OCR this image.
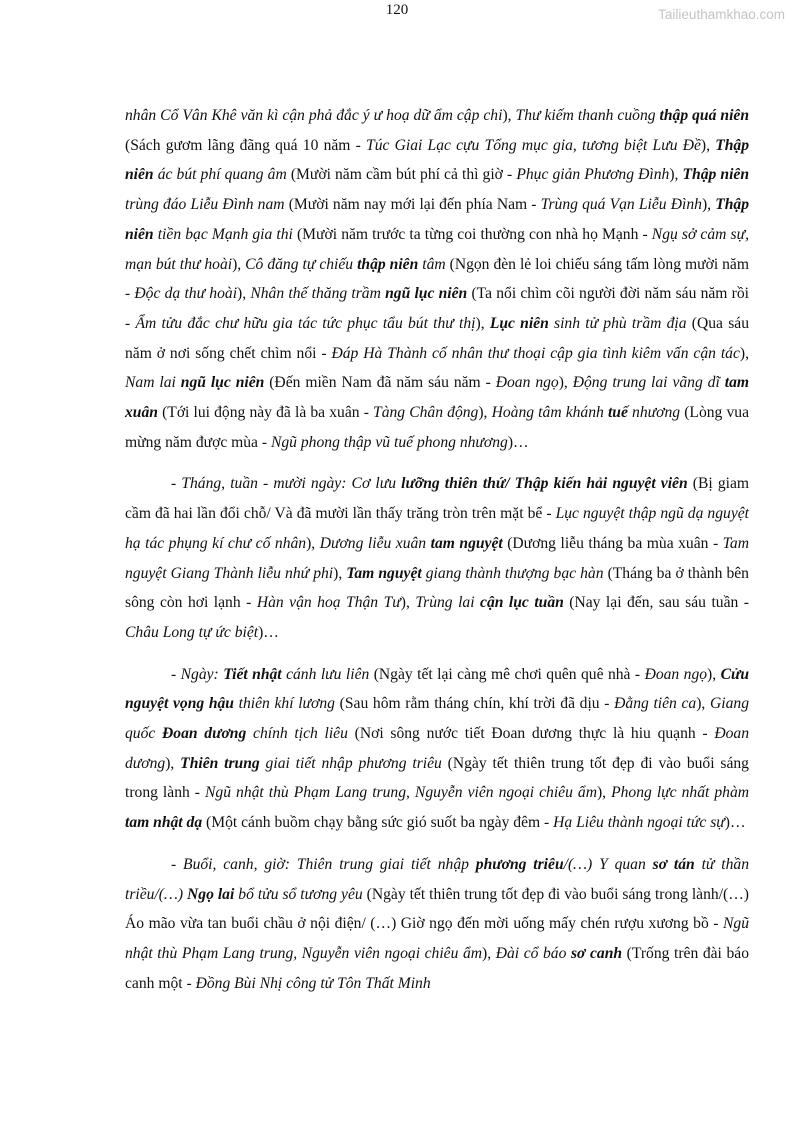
120	Tailieuthamkhao.com

nhân Cổ Vân Khê văn kì cận phả đắc ý ư hoạ dữ ẩm cập chi), Thư kiếm thanh cuồng thập quá niên (Sách gươm lãng đãng quá 10 năm - Túc Giai Lạc cựu Tổng mục gia, tương biệt Lưu Đề), Thập niên ác bút phí quang âm (Mười năm cầm bút phí cả thì giờ - Phục giản Phương Đình), Thập niên trùng đáo Liễu Đình nam (Mười năm nay mới lại đến phía Nam - Trùng quá Vạn Liễu Đình), Thập niên tiền bạc Mạnh gia thi (Mười năm trước ta từng coi thường con nhà họ Mạnh - Ngụ sở cảm sự, mạn bút thư hoài), Cô đăng tự chiếu thập niên tâm (Ngọn đèn lẻ loi chiếu sáng tấm lòng mười năm - Độc dạ thư hoài), Nhân thế thăng trầm ngũ lục niên (Ta nổi chìm cõi người đời năm sáu năm rồi - Ẩm tửu đắc chư hữu gia tác tức phục tẩu bút thư thị), Lục niên sinh tử phù trầm địa (Qua sáu năm ở nơi sống chết chìm nổi - Đáp Hà Thành cố nhân thư thoại cập gia tình kiêm vấn cận tác), Nam lai ngũ lục niên (Đến miền Nam đã năm sáu năm - Đoan ngọ), Động trung lai vãng dĩ tam xuân (Tới lui động này đã là ba xuân - Tàng Chân động), Hoàng tâm khánh tuế nhương (Lòng vua mừng năm được mùa - Ngũ phong thập vũ tuế phong nhương)…

- Tháng, tuần - mười ngày: Cơ lưu lưỡng thiên thứ/ Thập kiến hải nguyệt viên (Bị giam cầm đã hai lần đổi chỗ/ Và đã mười lần thấy trăng tròn trên mặt bể - Lục nguyệt thập ngũ dạ nguyệt hạ tác phụng kí chư cố nhân), Dương liễu xuân tam nguyệt (Dương liễu tháng ba mùa xuân - Tam nguyệt Giang Thành liễu nhứ phi), Tam nguyệt giang thành thượng bạc hàn (Tháng ba ở thành bên sông còn hơi lạnh - Hàn vận hoạ Thận Tư), Trùng lai cận lục tuần (Nay lại đến, sau sáu tuần - Châu Long tự ức biệt)…

- Ngày: Tiết nhật cánh lưu liên (Ngày tết lại càng mê chơi quên quê nhà - Đoan ngọ), Cửu nguyệt vọng hậu thiên khí lương (Sau hôm rằm tháng chín, khí trời đã dịu - Đằng tiên ca), Giang quốc Đoan dương chính tịch liêu (Nơi sông nước tiết Đoan dương thực là hiu quạnh - Đoan dương), Thiên trung giai tiết nhập phương triêu (Ngày tết thiên trung tốt đẹp đi vào buổi sáng trong lành - Ngũ nhật thù Phạm Lang trung, Nguyễn viên ngoại chiêu ẩm), Phong lực nhất phàm tam nhật dạ (Một cánh buồm chạy bằng sức gió suốt ba ngày đêm - Hạ Liêu thành ngoại tức sự)…

- Buổi, canh, giờ: Thiên trung giai tiết nhập phương triêu/(…) Y quan sơ tán tử thần triều/(…) Ngọ lai bổ tửu sổ tương yêu (Ngày tết thiên trung tốt đẹp đi vào buổi sáng trong lành/(…) Áo mão vừa tan buổi chầu ở nội điện/ (…) Giờ ngọ đến mời uống mấy chén rượu xương bồ - Ngũ nhật thù Phạm Lang trung, Nguyễn viên ngoại chiêu ẩm), Đài cổ báo sơ canh (Trống trên đài báo canh một - Đồng Bùi Nhị công tử Tôn Thất Minh
